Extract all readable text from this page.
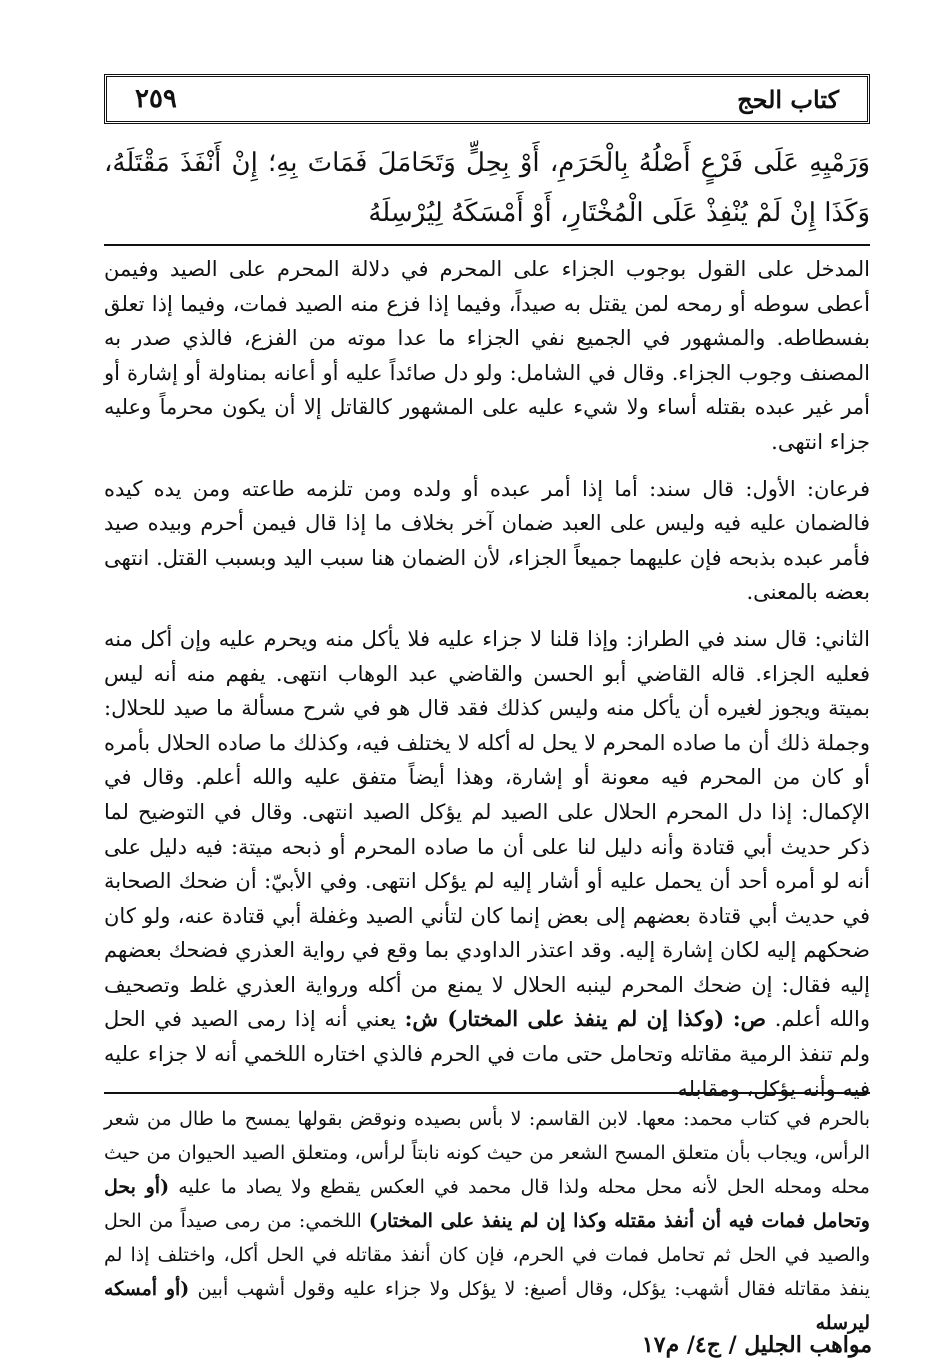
٢٥٩	كتاب الحج
وَرَمْيِهِ عَلَى فَرْعٍ أَصْلُهُ بِالْحَرَمِ، أَوْ بِحِلٍّ وَتَحَامَلَ فَمَاتَ بِهِ؛ إِنْ أَنْفَذَ مَقْتَلَهُ، وَكَذَا إِنْ لَمْ يُنْفِذْ عَلَى الْمُخْتَارِ، أَوْ أَمْسَكَهُ لِيُرْسِلَهُ

المدخل على القول بوجوب الجزاء على المحرم في دلالة المحرم على الصيد وفيمن أعطى سوطه أو رمحه لمن يقتل به صيداً، وفيما إذا فزع منه الصيد فمات، وفيما إذا تعلق بفسطاطه. والمشهور في الجميع نفي الجزاء ما عدا موته من الفزع، فالذي صدر به المصنف وجوب الجزاء. وقال في الشامل: ولو دل صائداً عليه أو أعانه بمناولة أو إشارة أو أمر غير عبده بقتله أساء ولا شيء عليه على المشهور كالقاتل إلا أن يكون محرماً وعليه جزاء انتهى.

فرعان: الأول: قال سند: أما إذا أمر عبده أو ولده ومن تلزمه طاعته ومن يده كيده فالضمان عليه فيه وليس على العبد ضمان آخر بخلاف ما إذا قال فيمن أحرم وبيده صيد فأمر عبده بذبحه فإن عليهما جميعاً الجزاء، لأن الضمان هنا سبب اليد وبسبب القتل. انتهى بعضه بالمعنى.

الثاني: قال سند في الطراز: وإذا قلنا لا جزاء عليه فلا يأكل منه ويحرم عليه وإن أكل منه فعليه الجزاء. قاله القاضي أبو الحسن والقاضي عبد الوهاب انتهى. يفهم منه أنه ليس بميتة ويجوز لغيره أن يأكل منه وليس كذلك فقد قال هو في شرح مسألة ما صيد للحلال: وجملة ذلك أن ما صاده المحرم لا يحل له أكله لا يختلف فيه، وكذلك ما صاده الحلال بأمره أو كان من المحرم فيه معونة أو إشارة، وهذا أيضاً متفق عليه والله أعلم. وقال في الإكمال: إذا دل المحرم الحلال على الصيد لم يؤكل الصيد انتهى. وقال في التوضيح لما ذكر حديث أبي قتادة وأنه دليل لنا على أن ما صاده المحرم أو ذبحه ميتة: فيه دليل على أنه لو أمره أحد أن يحمل عليه أو أشار إليه لم يؤكل انتهى. وفي الأبيّ: أن ضحك الصحابة في حديث أبي قتادة بعضهم إلى بعض إنما كان لتأني الصيد وغفلة أبي قتادة عنه، ولو كان ضحكهم إليه لكان إشارة إليه. وقد اعتذر الداودي بما وقع في رواية العذري فضحك بعضهم إليه فقال: إن ضحك المحرم لينبه الحلال لا يمنع من أكله ورواية العذري غلط وتصحيف والله أعلم. ص: (وكذا إن لم ينفذ على المختار) ش: يعني أنه إذا رمى الصيد في الحل ولم تنفذ الرمية مقاتله وتحامل حتى مات في الحرم فالذي اختاره اللخمي أنه لا جزاء عليه فيه وأنه يؤكل، ومقابله

بالحرم في كتاب محمد: معها. لابن القاسم: لا بأس بصيده ونوقض بقولها يمسح ما طال من شعر الرأس، ويجاب بأن متعلق المسح الشعر من حيث كونه نابتاً لرأس، ومتعلق الصيد الحيوان من حيث محله ومحله الحل لأنه محل محله ولذا قال محمد في العكس يقطع ولا يصاد ما عليه (أو بحل وتحامل فمات فيه أن أنفذ مقتله وكذا إن لم ينفذ على المختار) اللخمي: من رمى صيداً من الحل والصيد في الحل ثم تحامل فمات في الحرم، فإن كان أنفذ مقاتله في الحل أكل، واختلف إذا لم ينفذ مقاتله فقال أشهب: يؤكل، وقال أصبغ: لا يؤكل ولا جزاء عليه وقول أشهب أبين (أو أمسكه ليرسله
مواهب الجليل / ج٤/ م١٧
